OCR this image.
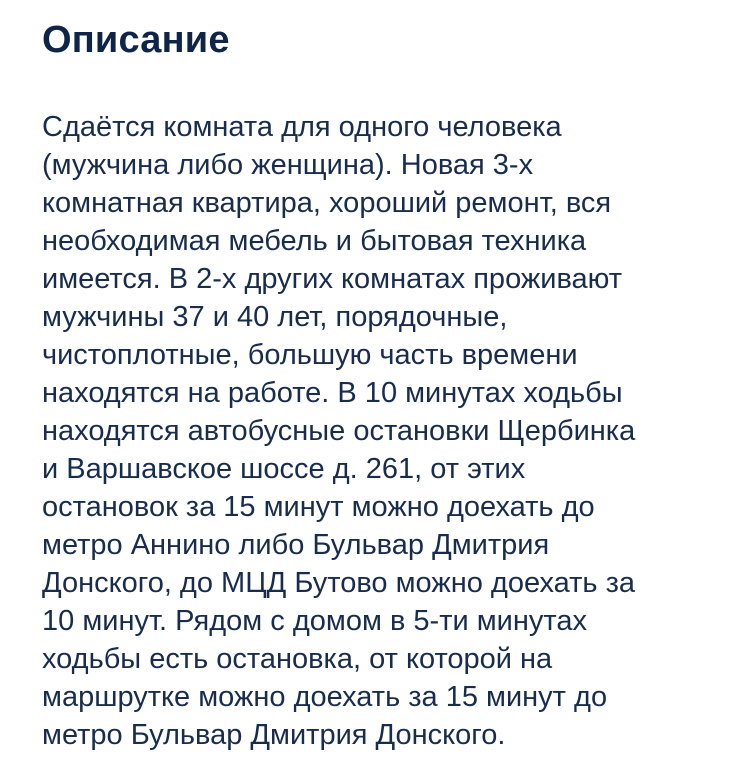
Описание
Сдаётся комната для одного человека
(мужчина либо женщина). Новая 3-х
комнатная квартира, хороший ремонт, вся
необходимая мебель и бытовая техника
имеется. В 2-х других комнатах проживают
мужчины 37 и 40 лет, порядочные,
чистоплотные, большую часть времени
находятся на работе. В 10 минутах ходьбы
находятся автобусные остановки Щербинка
и Варшавское шоссе д. 261, от этих
остановок за 15 минут можно доехать до
метро Аннино либо Бульвар Дмитрия
Донского, до МЦД Бутово можно доехать за
10 минут. Рядом с домом в 5-ти минутах
ходьбы есть остановка, от которой на
маршрутке можно доехать за 15 минут до
метро Бульвар Дмитрия Донского.
